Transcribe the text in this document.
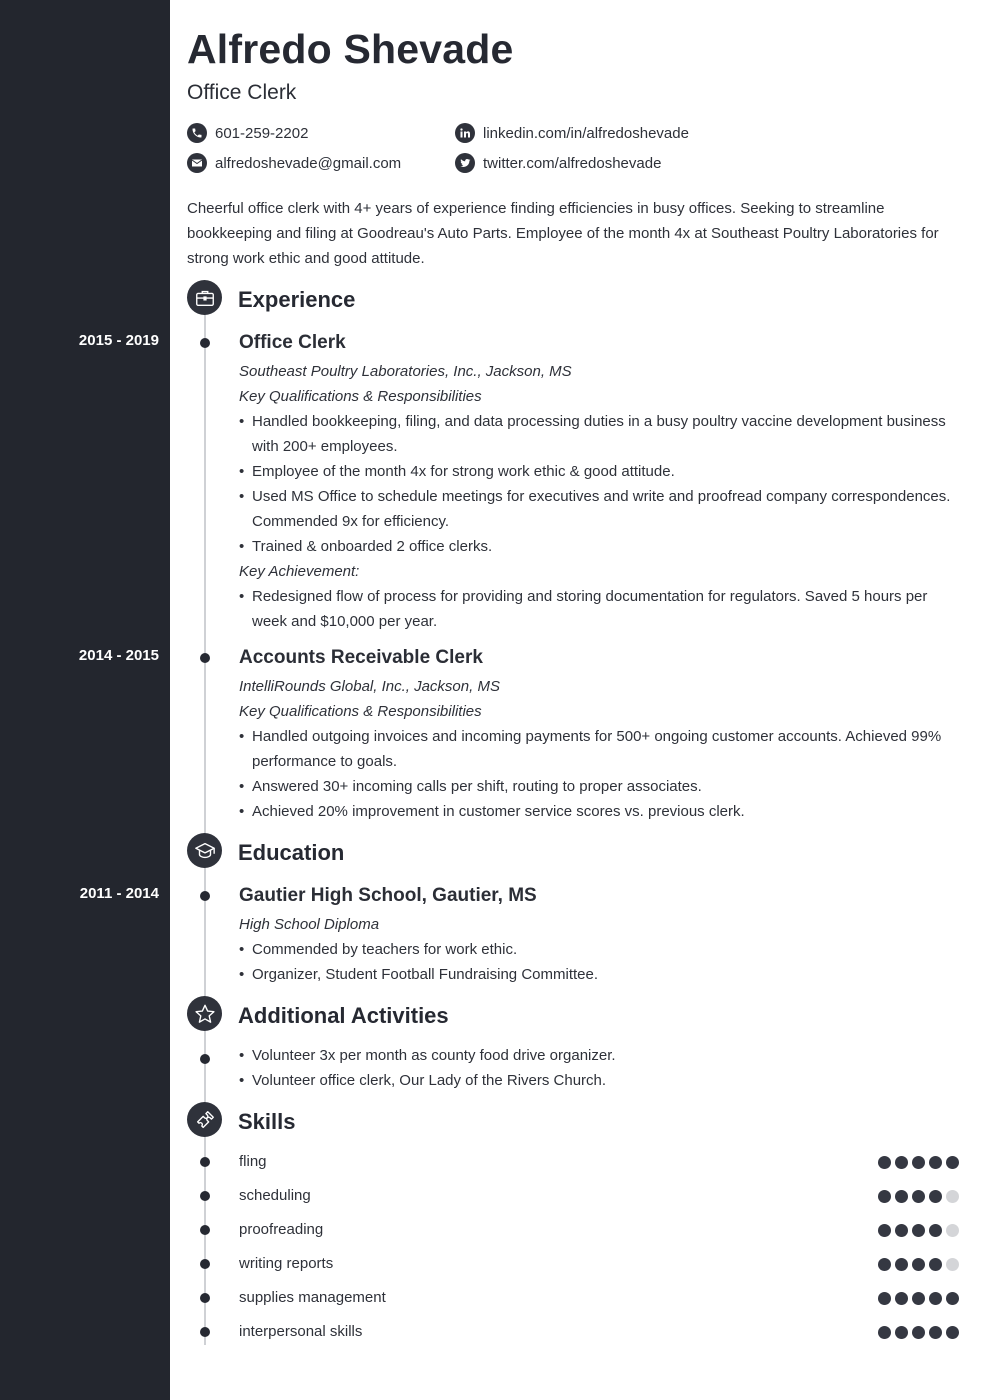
Alfredo Shevade
Office Clerk
601-259-2202
alfredoshevade@gmail.com
linkedin.com/in/alfredoshevade
twitter.com/alfredoshevade
Cheerful office clerk with 4+ years of experience finding efficiencies in busy offices. Seeking to streamline bookkeeping and filing at Goodreau's Auto Parts. Employee of the month 4x at Southeast Poultry Laboratories for strong work ethic and good attitude.
Experience
2015 - 2019	Office Clerk
Southeast Poultry Laboratories, Inc., Jackson, MS
Key Qualifications & Responsibilities
• Handled bookkeeping, filing, and data processing duties in a busy poultry vaccine development business with 200+ employees.
• Employee of the month 4x for strong work ethic & good attitude.
• Used MS Office to schedule meetings for executives and write and proofread company correspondences. Commended 9x for efficiency.
• Trained & onboarded 2 office clerks.
Key Achievement:
• Redesigned flow of process for providing and storing documentation for regulators. Saved 5 hours per week and $10,000 per year.
2014 - 2015	Accounts Receivable Clerk
IntelliRounds Global, Inc., Jackson, MS
Key Qualifications & Responsibilities
• Handled outgoing invoices and incoming payments for 500+ ongoing customer accounts. Achieved 99% performance to goals.
• Answered 30+ incoming calls per shift, routing to proper associates.
• Achieved 20% improvement in customer service scores vs. previous clerk.
Education
2011 - 2014	Gautier High School, Gautier, MS
High School Diploma
• Commended by teachers for work ethic.
• Organizer, Student Football Fundraising Committee.
Additional Activities
• Volunteer 3x per month as county food drive organizer.
• Volunteer office clerk, Our Lady of the Rivers Church.
Skills
fling
scheduling
proofreading
writing reports
supplies management
interpersonal skills
